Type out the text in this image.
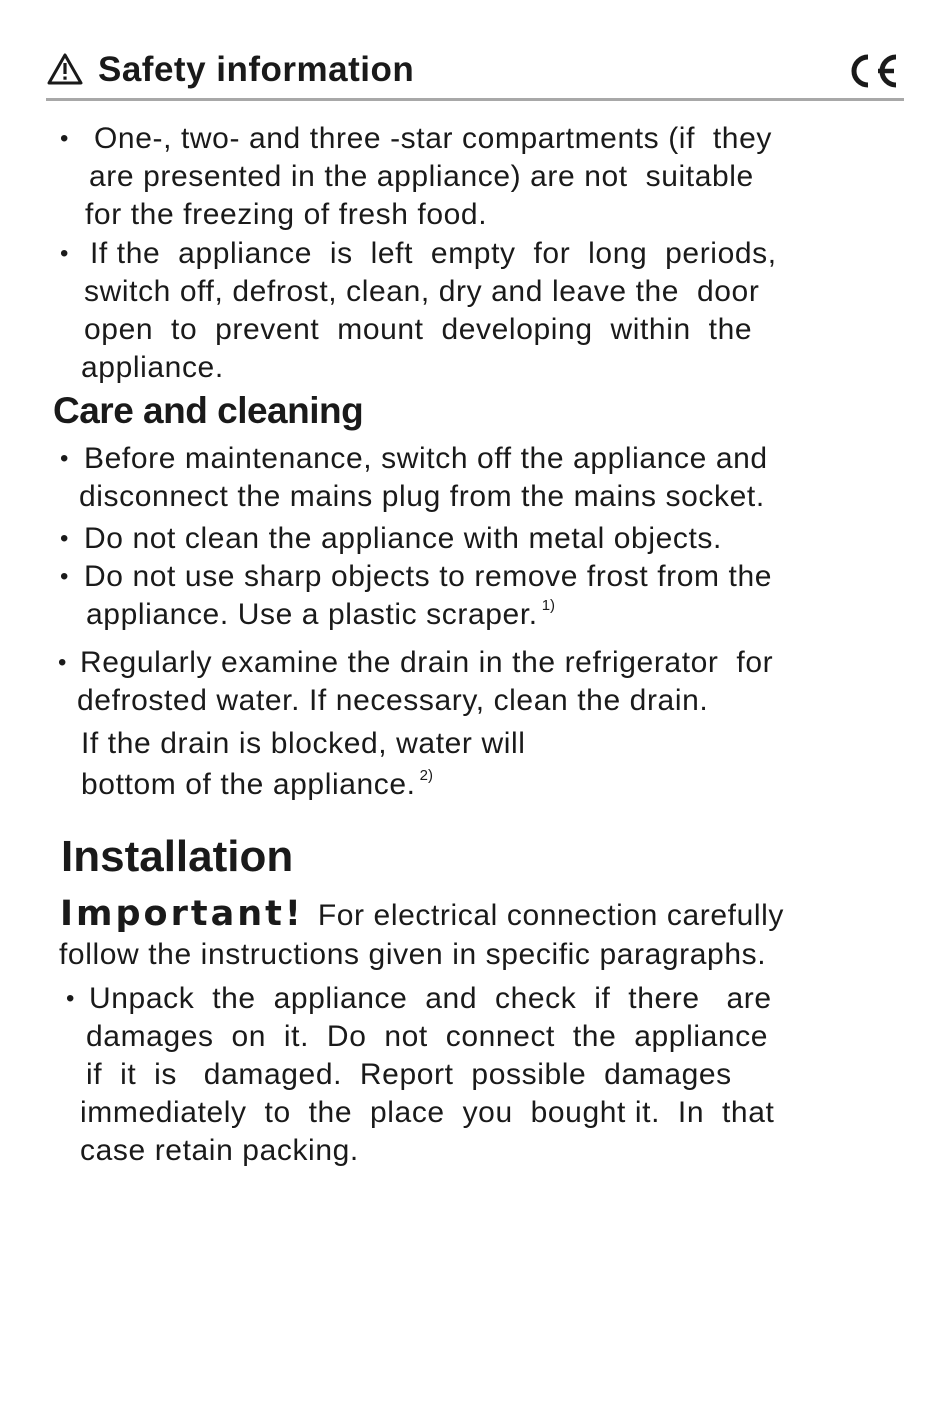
Safety information
• One-, two- and three -star compartments (if  they
are presented in the appliance) are not  suitable
for the freezing of fresh food.
• If the  appliance  is  left  empty  for  long  periods,
switch off, defrost, clean, dry and leave the  door
open  to  prevent  mount  developing  within  the
appliance.
Care and cleaning
• Before maintenance, switch off the appliance and
disconnect the mains plug from the mains socket.
• Do not clean the appliance with metal objects.
• Do not use sharp objects to remove frost from the
appliance. Use a plastic scraper. $^{1)}$
• Regularly examine the drain in the refrigerator  for
defrosted water. If necessary, clean the drain.
If the drain is blocked, water will
bottom of the appliance. $^{2)}$
Installation
Important! For electrical connection carefully
follow the instructions given in specific paragraphs.
• Unpack  the  appliance  and  check  if  there   are
damages  on  it.  Do  not  connect  the  appliance
if  it  is   damaged.  Report  possible  damages
immediately  to  the  place  you  bought it.  In  that
case retain packing.
